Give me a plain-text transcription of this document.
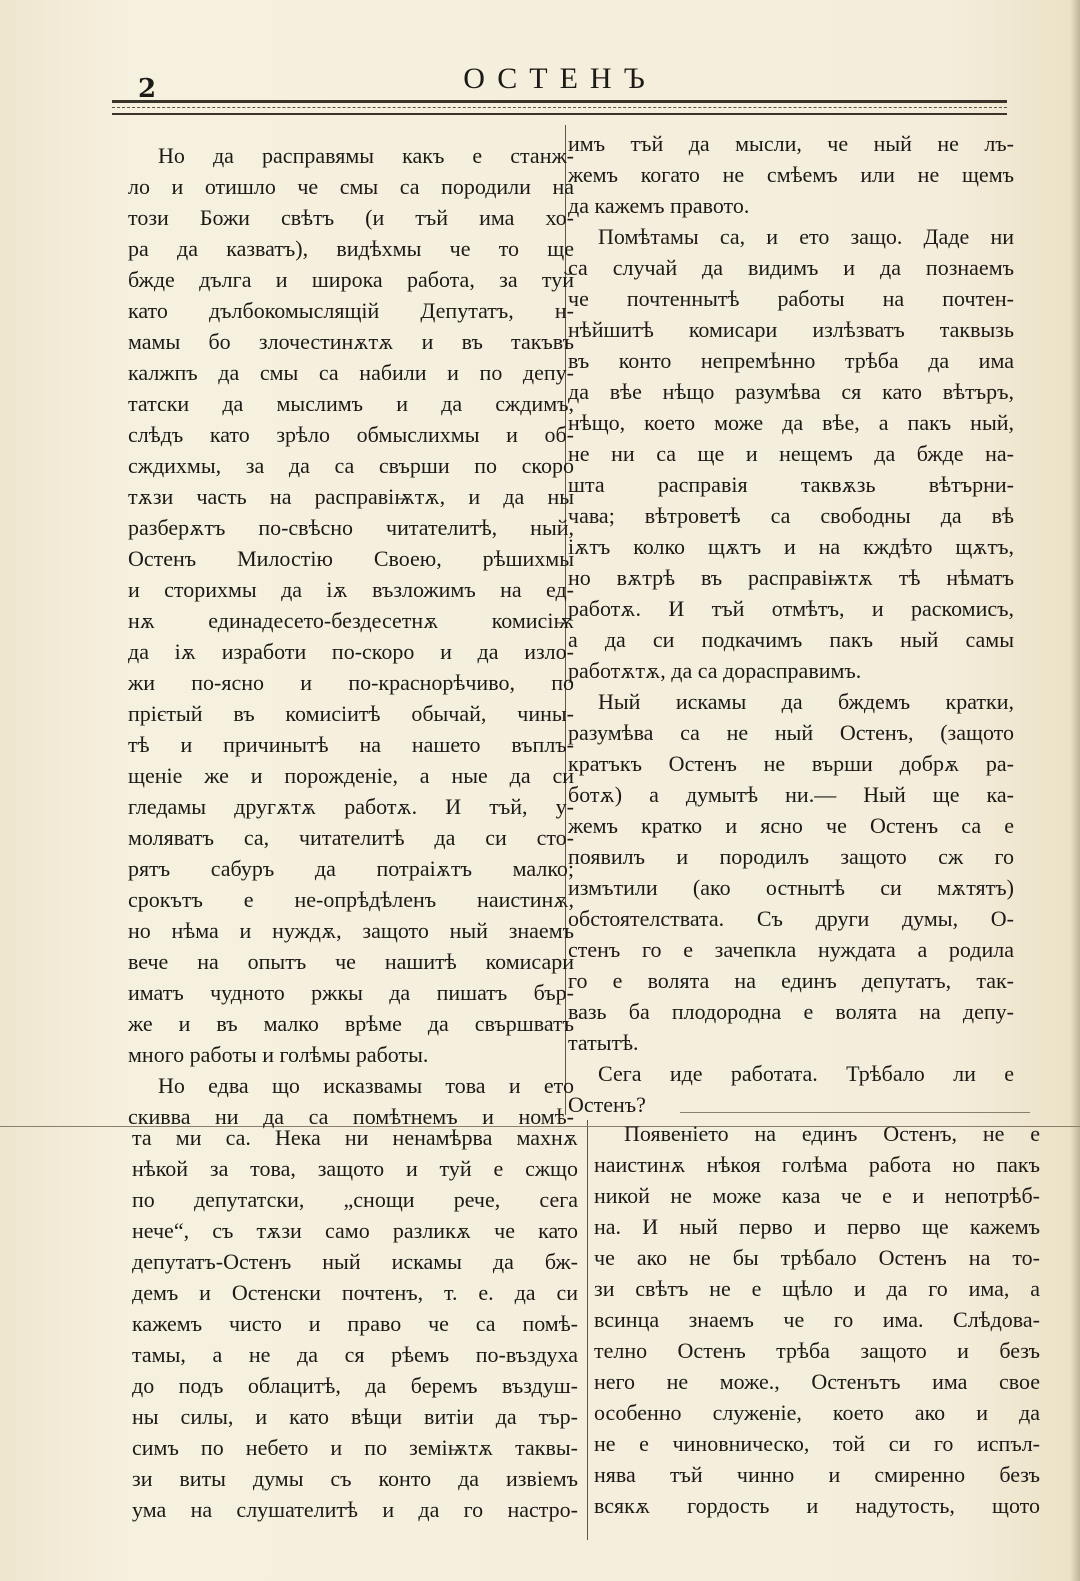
2	ОСТЕНЪ
Но да расправямы какъ е станж-
ло и отишло че смы са породили на
този Божи свѣтъ (и тъй има хо-
ра да казватъ), видѣхмы че то ще
бжде дълга и широка работа, за туй
като дълбокомыслящій Депутатъ, н-
мамы бо злочестинѫтѫ и въ такъвъ
калжпъ да смы са набили и по депу-
татски да мыслимъ и да сждимъ,
слѣдъ като зрѣло обмыслихмы и об-
сждихмы, за да са свърши по скоро
тѫзи часть на расправіѭтѫ, и да ны
разберѫтъ по-свѣсно читателитѣ, ный,
Остенъ Милостію Своею, рѣшихмы
и сторихмы да іѫ възложимъ на ед-
нѫ единадесето-бездесетнѫ комисіѭ
да іѫ изработи по-скоро и да изло-
жи по-ясно и по-краснорѣчиво, по
прієтый въ комисіитѣ обычай, чины-
тѣ и причинытѣ на нашето въплъ-
щеніе же и порожденіе, а ные да си
гледамы другѫтѫ работѫ. И тъй, у-
моляватъ са, читателитѣ да си сто-
рятъ сабуръ да потраіѫтъ малко;
срокътъ е не-опрѣдѣленъ наистинѫ,
но нѣма и нуждѫ, защото ный знаемъ
вече на опытъ че нашитѣ комисари
иматъ чудното ржкы да пишатъ бър-
же и въ малко врѣме да свършватъ
много работы и голѣмы работы.
Но едва що исказвамы това и ето
скивва ни да са помѣтнемъ и номѣ-
имъ тъй да мысли, че ный не лъ-
жемъ когато не смѣемъ или не щемъ
да кажемъ правото.
Помѣтамы са, и ето защо. Даде ни
са случай да видимъ и да познаемъ
че почтеннытѣ работы на почтен-
нѣйшитѣ комисари излѣзватъ таквызь
въ конто непремѣнно трѣба да има
да вѣе нѣщо разумѣва ся като вѣтъръ,
нѣщо, което може да вѣе, а пакъ ный,
не ни са ще и нещемъ да бжде на-
шта расправія таквѫзь вѣтърни-
чава; вѣтроветѣ са свободны да вѣ
іѫтъ колко щѫтъ и на кждѣто щѫтъ,
но вѫтрѣ въ расправіѭтѫ тѣ нѣматъ
работѫ. И тъй отмѣтъ, и раскомисъ,
а да си подкачимъ пакъ ный самы
работѫтѫ, да са дорасправимъ.
Ный искамы да бждемъ кратки,
разумѣва са не ный Остенъ, (защото
кратъкъ Остенъ не върши добрѫ ра-
ботѫ) а думытѣ ни.— Ный ще ка-
жемъ кратко и ясно че Остенъ са е
появилъ и породилъ защото сж го
измътили (ако остнытѣ си мѫтятъ)
обстоятелствата. Съ други думы, О-
стенъ го е зачепкла нуждата а родила
го е волята на единъ депутатъ, так-
вазь ба плодородна е волята на депу-
татытѣ.
Сега иде работата. Трѣбало ли е
Остенъ?
та ми са. Нека ни ненамѣрва махнѫ
нѣкой за това, защото и туй е сжщо
по депутатски, „снощи рече, сега
нече“, съ тѫзи само разликѫ че като
депутатъ-Остенъ ный искамы да бж-
демъ и Остенски почтенъ, т. е. да си
кажемъ чисто и право че са помѣ-
тамы, а не да ся рѣемъ по-въздуха
до подъ облацитѣ, да беремъ въздуш-
ны силы, и като вѣщи витіи да тър-
симъ по небето и по земіѭтѫ таквы-
зи виты думы съ конто да извіемъ
ума на слушателитѣ и да го настро-
Появеніето на единъ Остенъ, не е
наистинѫ нѣкоя голѣма работа но пакъ
никой не може каза че е и непотрѣб-
на. И ный перво и перво ще кажемъ
че ако не бы трѣбало Остенъ на то-
зи свѣтъ не е щѣло и да го има, а
всинца знаемъ че го има. Слѣдова-
телно Остенъ трѣба защото и безъ
него не може., Остенътъ има свое
особенно служеніе, което ако и да
не е чиновническо, той си го испъл-
нява тъй чинно и смиренно безъ
всякѫ гордость и надутость, щото
